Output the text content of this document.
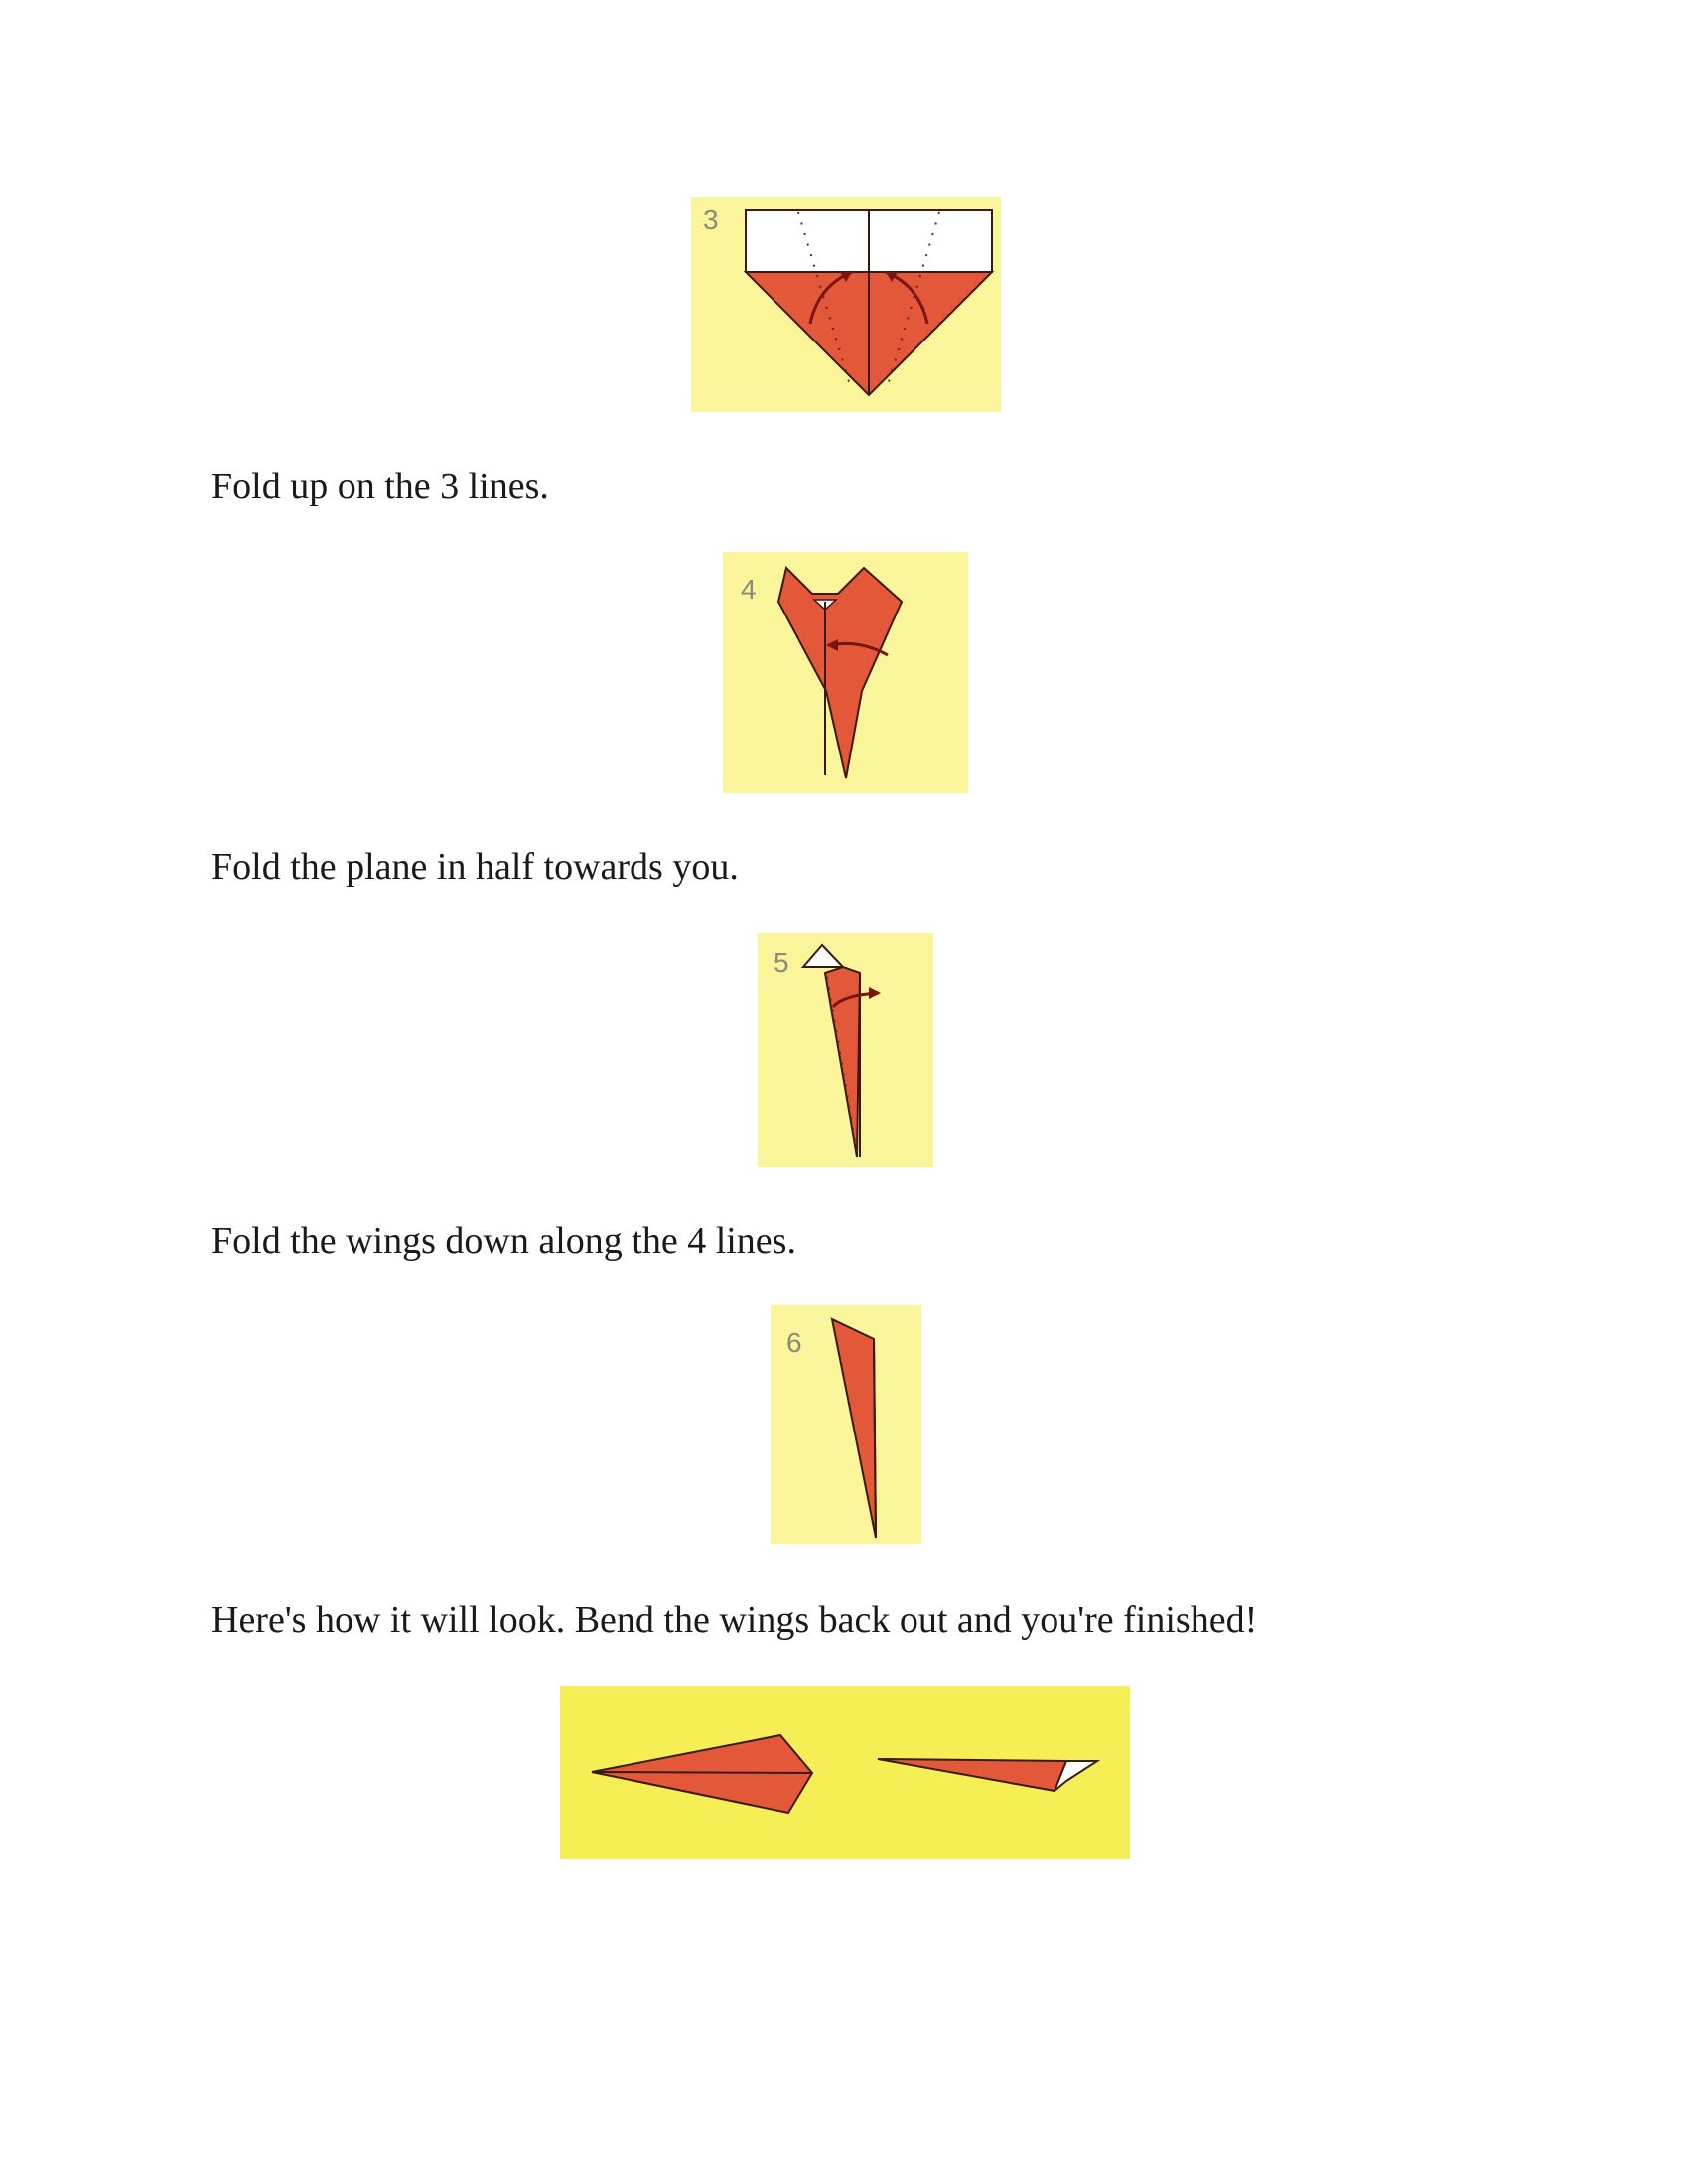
3
Fold up on the 3 lines.
4
Fold the plane in half towards you.
5
Fold the wings down along the 4 lines.
6
Here's how it will look. Bend the wings back out and you're finished!
